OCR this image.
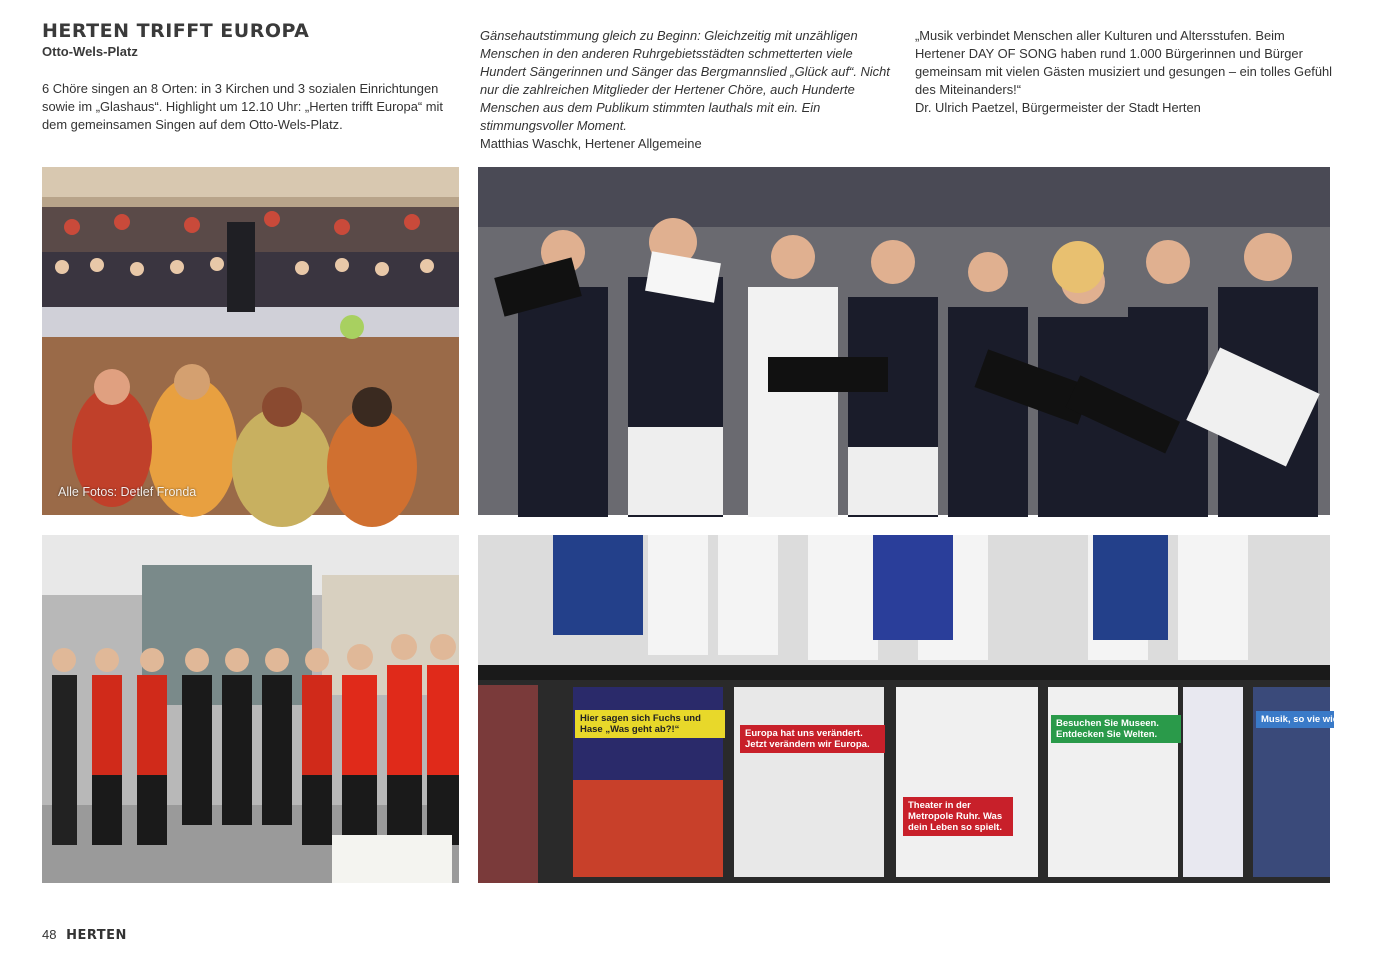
HERTEN TRIFFT EUROPA
Otto-Wels-Platz

6 Chöre singen an 8 Orten: in 3 Kirchen und 3 sozialen Einrichtungen sowie im „Glashaus“. Highlight um 12.10 Uhr: „Herten trifft Europa“ mit dem gemeinsamen Singen auf dem Otto-Wels-Platz.

Gänsehautstimmung gleich zu Beginn: Gleichzeitig mit unzähligen Menschen in den anderen Ruhrgebietsstädten schmetterten viele Hundert Sängerinnen und Sänger das Bergmannslied „Glück auf“. Nicht nur die zahlreichen Mitglieder der Hertener Chöre, auch Hunderte Menschen aus dem Publikum stimmten lauthals mit ein. Ein stimmungsvoller Moment.
Matthias Waschk, Hertener Allgemeine
„Musik verbindet Menschen aller Kulturen und Altersstufen. Beim Hertener DAY OF SONG haben rund 1.000 Bürgerinnen und Bürger gemeinsam mit vielen Gästen musiziert und gesungen – ein tolles Gefühl des Miteinanders!“
Dr. Ulrich Paetzel, Bürgermeister der Stadt Herten
Alle Fotos: Detlef Fronda
Hier sagen sich Fuchs und Hase „Was geht ab?!“	Europa hat uns verändert. Jetzt verändern wir Europa.
Theater in der Metropole Ruhr. Was dein Leben so spielt.
Besuchen Sie Museen. Entdecken Sie Welten.
Musik, so vie wie ihre Zuk
48 HERTEN
